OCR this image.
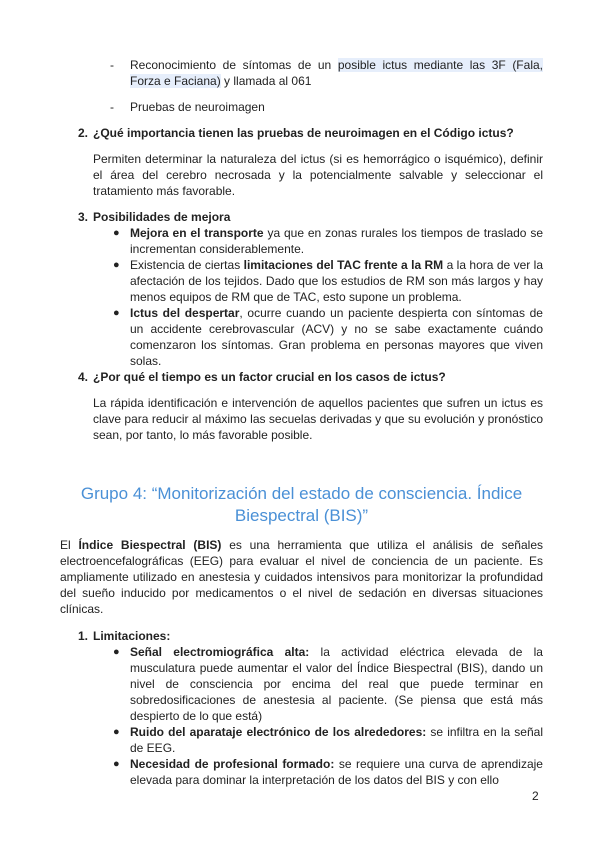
- Reconocimiento de síntomas de un posible ictus mediante las 3F (Fala, Forza e Faciana) y llamada al 061
- Pruebas de neuroimagen
2. ¿Qué importancia tienen las pruebas de neuroimagen en el Código ictus?
Permiten determinar la naturaleza del ictus (si es hemorrágico o isquémico), definir el área del cerebro necrosada y la potencialmente salvable y seleccionar el tratamiento más favorable.
3. Posibilidades de mejora
● Mejora en el transporte ya que en zonas rurales los tiempos de traslado se incrementan considerablemente.
● Existencia de ciertas limitaciones del TAC frente a la RM a la hora de ver la afectación de los tejidos. Dado que los estudios de RM son más largos y hay menos equipos de RM que de TAC, esto supone un problema.
● Ictus del despertar, ocurre cuando un paciente despierta con síntomas de un accidente cerebrovascular (ACV) y no se sabe exactamente cuándo comenzaron los síntomas. Gran problema en personas mayores que viven solas.
4. ¿Por qué el tiempo es un factor crucial en los casos de ictus?
La rápida identificación e intervención de aquellos pacientes que sufren un ictus es clave para reducir al máximo las secuelas derivadas y que su evolución y pronóstico sean, por tanto, lo más favorable posible.
Grupo 4: “Monitorización del estado de consciencia. Índice Biespectral (BIS)”
El Índice Biespectral (BIS) es una herramienta que utiliza el análisis de señales electroencefalográficas (EEG) para evaluar el nivel de conciencia de un paciente. Es ampliamente utilizado en anestesia y cuidados intensivos para monitorizar la profundidad del sueño inducido por medicamentos o el nivel de sedación en diversas situaciones clínicas.
1. Limitaciones:
● Señal electromiográfica alta: la actividad eléctrica elevada de la musculatura puede aumentar el valor del Índice Biespectral (BIS), dando un nivel de consciencia por encima del real que puede terminar en sobredosificaciones de anestesia al paciente. (Se piensa que está más despierto de lo que está)
● Ruido del aparataje electrónico de los alrededores: se infiltra en la señal de EEG.
● Necesidad de profesional formado: se requiere una curva de aprendizaje elevada para dominar la interpretación de los datos del BIS y con ello
2
